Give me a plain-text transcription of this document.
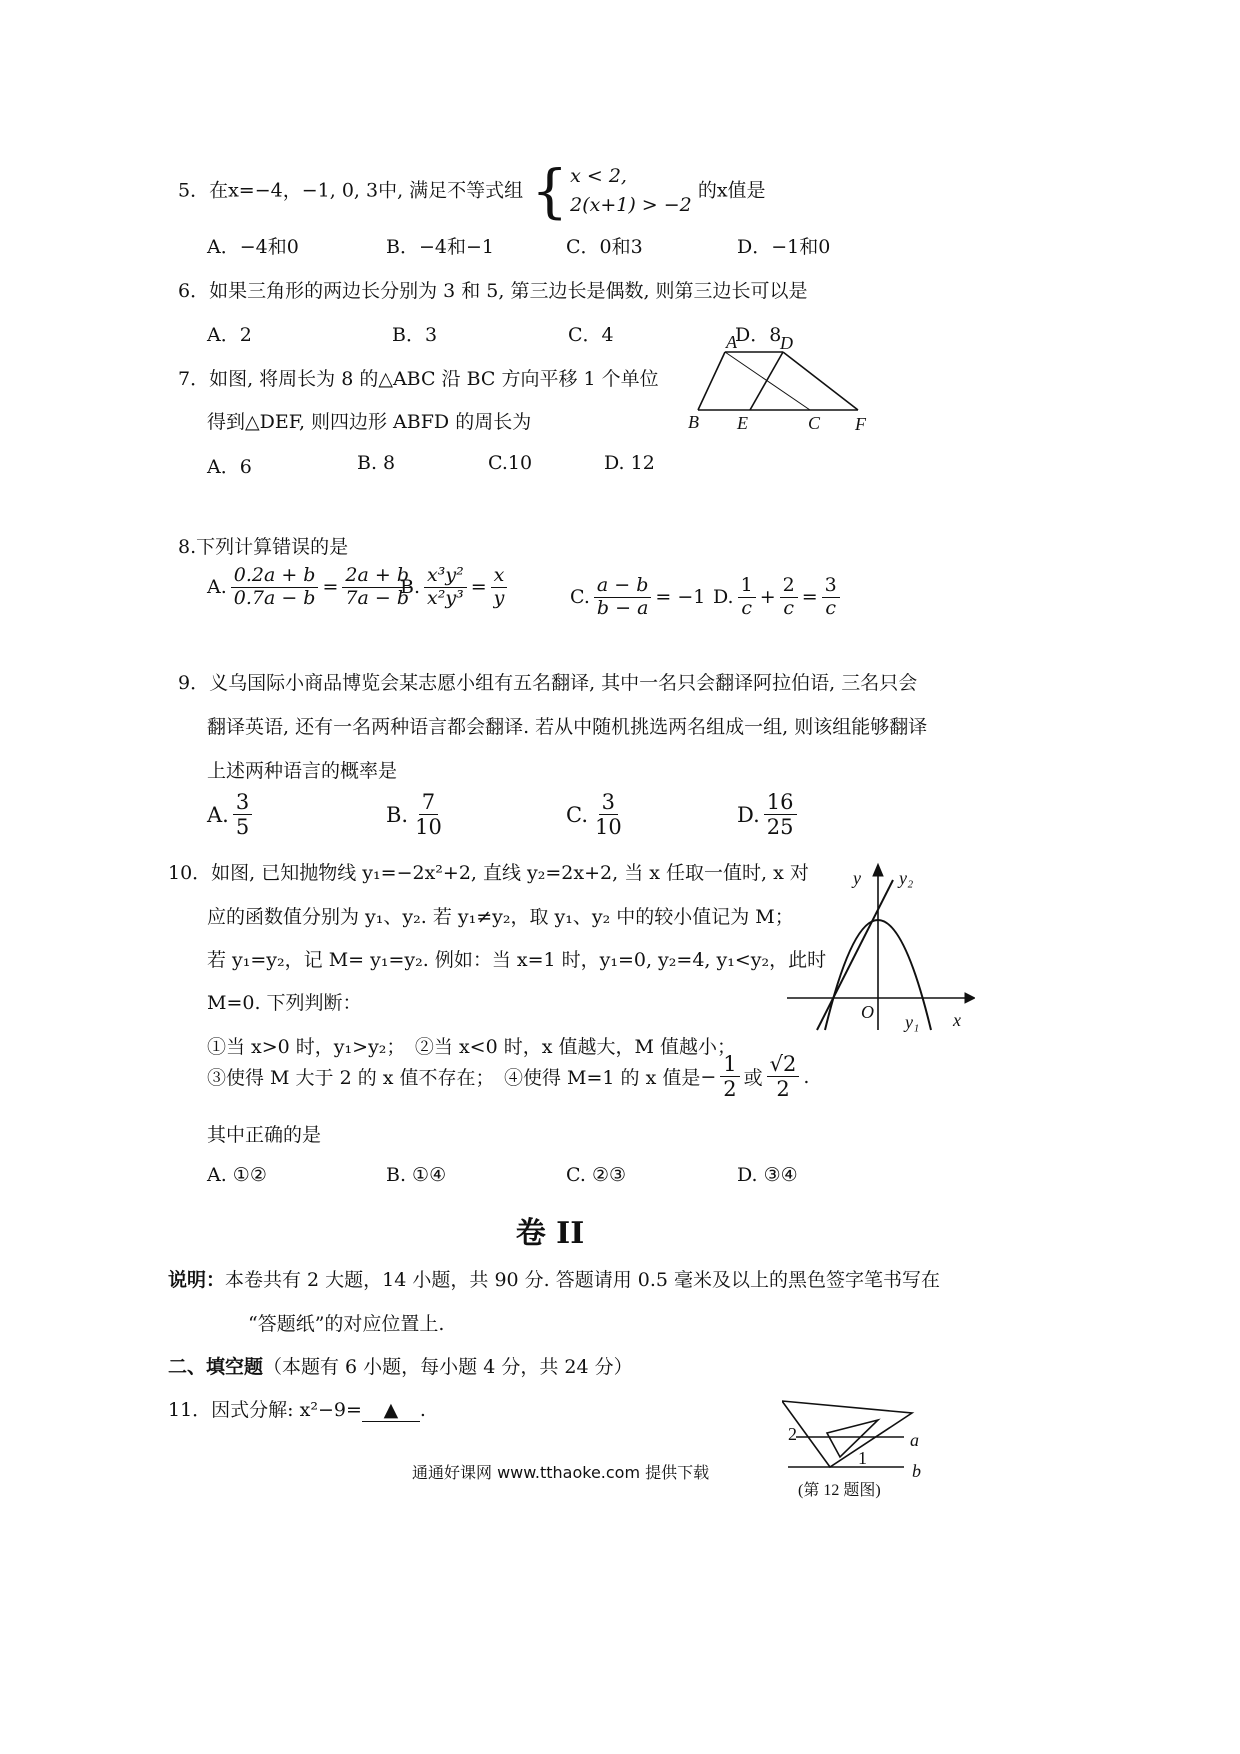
5．在x=−4，−1, 0, 3中, 满足不等式组 { x < 2,
2(x+1) > −2
的x值是
A．−4和0	B．−4和−1	C．0和3	D．−1和0
6．如果三角形的两边长分别为 3 和 5, 第三边长是偶数, 则第三边长可以是
A．2	B．3	C．4	D．8
7．如图, 将周长为 8 的△ABC 沿 BC 方向平移 1 个单位
得到△DEF, 则四边形 ABFD 的周长为
A．6	B. 8	C.10	D. 12
A D
B E	C F
8.下列计算错误的是
A. $\frac{0.2a + b}{0.7a - b} = \frac{2a + b}{7a - b}$
B. $\frac{\text{x³y²}}{\text{x²y³}} = \frac{x}{y}$	C. $\frac{a - b}{b - a} = -1$ D. $\frac{1}{c} + \frac{2}{c} = \frac{3}{c}$
9．义乌国际小商品博览会某志愿小组有五名翻译, 其中一名只会翻译阿拉伯语, 三名只会
翻译英语, 还有一名两种语言都会翻译. 若从中随机挑选两名组成一组, 则该组能够翻译
上述两种语言的概率是
A. $\frac{3}{5}$	B. $\frac{7}{10}$	C. $\frac{3}{10}$	D. $\frac{16}{25}$
10．如图, 已知抛物线 y₁=−2x²+2, 直线 y₂=2x+2, 当 x 任取一值时, x 对
应的函数值分别为 y₁、y₂. 若 y₁≠y₂，取 y₁、y₂ 中的较小值记为 M；
若 y₁=y₂，记 M= y₁=y₂. 例如：当 x=1 时，y₁=0, y₂=4, y₁<y₂，此时
M=0. 下列判断：
①当 x>0 时，y₁>y₂；　②当 x<0 时，x 值越大，M 值越小；
③使得 M 大于 2 的 x 值不存在；　④使得 M=1 的 x 值是 − $\frac{1}{2}$ 或 $\frac{√2}{2}$ .
其中正确的是
A. ①②	B. ①④	C. ②③	D. ③④
y y₂
O y₁ x
卷 II
说明：本卷共有 2 大题，14 小题，共 90 分. 答题请用 0.5 毫米及以上的黑色签字笔书写在
“答题纸”的对应位置上.
二、填空题（本题有 6 小题，每小题 4 分，共 24 分）
11．因式分解: x²−9= ▲ .
2	a
1
b
(第 12 题图)
通通好课网 www.tthaoke.com 提供下载
